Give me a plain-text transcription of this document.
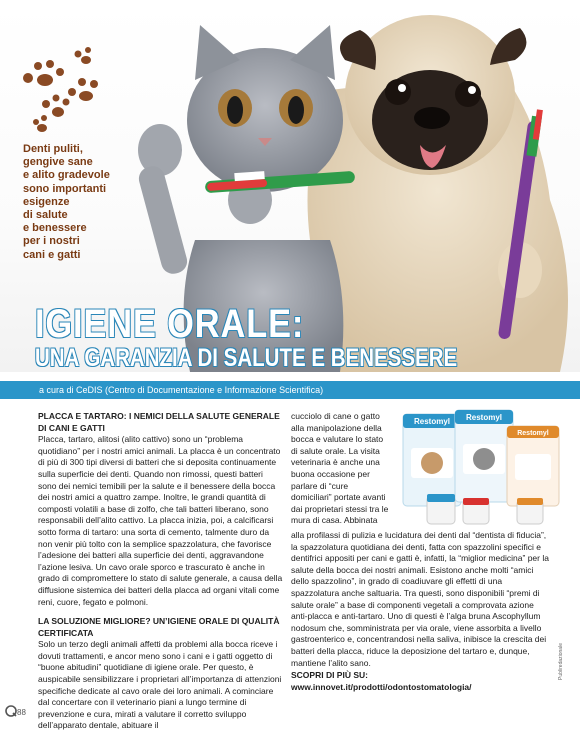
Denti puliti,
gengive sane
e alito gradevole
sono importanti
esigenze
di salute
e benessere
per i nostri
cani e gatti
IGIENE ORALE:
UNA GARANZIA DI SALUTE E BENESSERE
a cura di CeDIS (Centro di Documentazione e Informazione Scientifica)
PLACCA E TARTARO: I NEMICI DELLA SALUTE GENERALE DI CANI E GATTI

Placca, tartaro, alitosi (alito cattivo) sono un “problema quotidiano” per i nostri amici animali. La placca è un concentrato di più di 300 tipi diversi di batteri che si deposita continuamente sulla superficie dei denti. Quando non rimossi, questi batteri sono dei nemici temibili per la salute e il benessere della bocca dei nostri amici a quattro zampe. Inoltre, le grandi quantità di composti volatili a base di zolfo, che tali batteri liberano, sono responsabili dell’alito cattivo. La placca inizia, poi, a calcificarsi sotto forma di tartaro: una sorta di cemento, talmente duro da non venir più tolto con la semplice spazzolatura, che favorisce l’adesione dei batteri alla superficie dei denti, aggravandone l’azione lesiva. Un cavo orale sporco e trascurato è anche in grado di compromettere lo stato di salute generale, a causa della diffusione sistemica dei batteri della placca ad organi vitali come reni, cuore, fegato e polmoni.

LA SOLUZIONE MIGLIORE? UN’IGIENE ORALE DI QUALITÀ CERTIFICATA

Solo un terzo degli animali affetti da problemi alla bocca riceve i dovuti trattamenti, e ancor meno sono i cani e i gatti oggetto di “buone abitudini” quotidiane di igiene orale. Per questo, è auspicabile sensibilizzare i proprietari all’importanza di attenzioni specifiche dedicate al cavo orale dei loro animali. A cominciare dal concertare con il veterinario piani a lungo termine di prevenzione e cura, mirati a valutare il corretto sviluppo dell’apparato dentale, abituare il

cucciolo di cane o gatto alla manipolazione della bocca e valutare lo stato di salute orale. La visita veterinaria è anche una buona occasione per parlare di “cure domiciliari” portate avanti dai proprietari stessi tra le mura di casa. Abbinata

Restomyl Restomyl
Restomyl

alla profilassi di pulizia e lucidatura dei denti dal “dentista di fiducia”, la spazzolatura quotidiana dei denti, fatta con spazzolini specifici e dentifrici appositi per cani e gatti è, infatti, la “miglior medicina” per la salute della bocca dei nostri animali. Esistono anche molti “amici dello spazzolino”, in grado di coadiuvare gli effetti di una spazzolatura anche saltuaria. Tra questi, sono disponibili “premi di salute orale” a base di componenti vegetali a comprovata azione anti-placca e anti-tartaro. Uno di questi è l’alga bruna Ascophyllum nodosum che, somministrata per via orale, viene assorbita a livello gastroenterico e, concentrandosi nella saliva, inibisce la crescita dei batteri della placca, riduce la deposizione del tartaro e, dunque, mantiene l’alito sano.

SCOPRI DI PIÙ SU:
www.innovet.it/prodotti/odontostomatologia/
Publiredazionale
88
